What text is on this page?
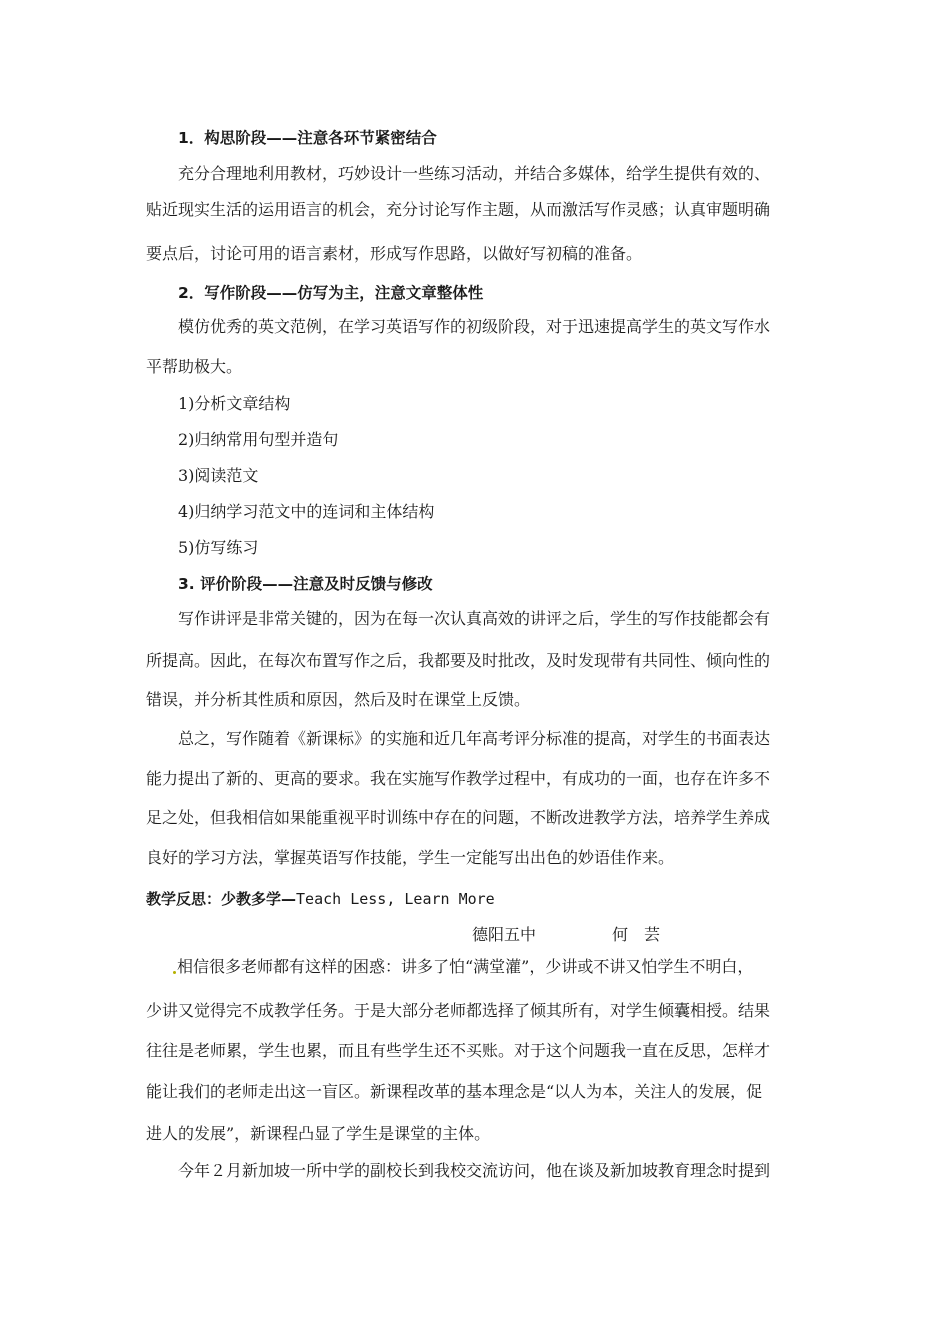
1．构思阶段——注意各环节紧密结合
充分合理地利用教材，巧妙设计一些练习活动，并结合多媒体，给学生提供有效的、
贴近现实生活的运用语言的机会，充分讨论写作主题，从而激活写作灵感；认真审题明确
要点后，讨论可用的语言素材，形成写作思路，以做好写初稿的准备。
2．写作阶段——仿写为主，注意文章整体性
模仿优秀的英文范例，在学习英语写作的初级阶段，对于迅速提高学生的英文写作水
平帮助极大。
1)分析文章结构
2)归纳常用句型并造句
3)阅读范文
4)归纳学习范文中的连词和主体结构
5)仿写练习
3. 评价阶段——注意及时反馈与修改
写作讲评是非常关键的，因为在每一次认真高效的讲评之后，学生的写作技能都会有
所提高。因此，在每次布置写作之后，我都要及时批改，及时发现带有共同性、倾向性的
错误，并分析其性质和原因，然后及时在课堂上反馈。
总之，写作随着《新课标》的实施和近几年高考评分标准的提高，对学生的书面表达
能力提出了新的、更高的要求。我在实施写作教学过程中，有成功的一面，也存在许多不
足之处，但我相信如果能重视平时训练中存在的问题，不断改进教学方法，培养学生养成
良好的学习方法，掌握英语写作技能，学生一定能写出出色的妙语佳作来。
教学反思：少教多学—Teach Less, Learn More
德阳五中	何　芸
相信很多老师都有这样的困惑：讲多了怕“满堂灌”，少讲或不讲又怕学生不明白，
少讲又觉得完不成教学任务。于是大部分老师都选择了倾其所有，对学生倾囊相授。结果
往往是老师累，学生也累，而且有些学生还不买账。对于这个问题我一直在反思，怎样才
能让我们的老师走出这一盲区。新课程改革的基本理念是“以人为本，关注人的发展，促
进人的发展”，新课程凸显了学生是课堂的主体。
今年２月新加坡一所中学的副校长到我校交流访问，他在谈及新加坡教育理念时提到
